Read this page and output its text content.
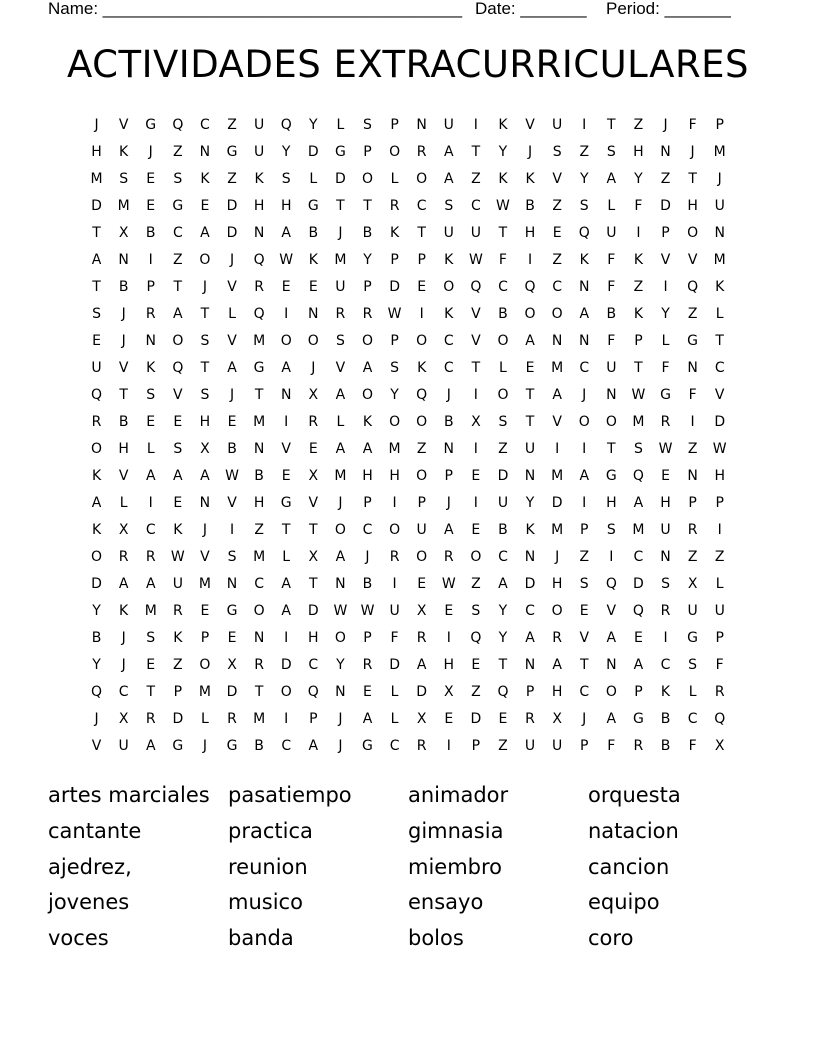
Name: ______________________________________

Date: _______

Period: _______

ACTIVIDADES EXTRACURRICULARES
J	V	G	Q	C	Z	U	Q	Y	L	S	P	N	U	I	K	V	U	I	T	Z	J	F	P
H	K	J	Z	N	G	U	Y	D	G	P	O	R	A	T	Y	J	S	Z	S	H	N	J	M
M	S	E	S	K	Z	K	S	L	D	O	L	O	A	Z	K	K	V	Y	A	Y	Z	T	J
D	M	E	G	E	D	H	H	G	T	T	R	C	S	C	W	B	Z	S	L	F	D	H	U
T	X	B	C	A	D	N	A	B	J	B	K	T	U	U	T	H	E	Q	U	I	P	O	N
A	N	I	Z	O	J	Q	W	K	M	Y	P	P	K	W	F	I	Z	K	F	K	V	V	M
T	B	P	T	J	V	R	E	E	U	P	D	E	O	Q	C	Q	C	N	F	Z	I	Q	K
S	J	R	A	T	L	Q	I	N	R	R	W	I	K	V	B	O	O	A	B	K	Y	Z	L
E	J	N	O	S	V	M	O	O	S	O	P	O	C	V	O	A	N	N	F	P	L	G	T
U	V	K	Q	T	A	G	A	J	V	A	S	K	C	T	L	E	M	C	U	T	F	N	C
Q	T	S	V	S	J	T	N	X	A	O	Y	Q	J	I	O	T	A	J	N	W	G	F	V
R	B	E	E	H	E	M	I	R	L	K	O	O	B	X	S	T	V	O	O	M	R	I	D
O	H	L	S	X	B	N	V	E	A	A	M	Z	N	I	Z	U	I	I	T	S	W	Z	W
K	V	A	A	A	W	B	E	X	M	H	H	O	P	E	D	N	M	A	G	Q	E	N	H
A	L	I	E	N	V	H	G	V	J	P	I	P	J	I	U	Y	D	I	H	A	H	P	P
K	X	C	K	J	I	Z	T	T	O	C	O	U	A	E	B	K	M	P	S	M	U	R	I
O	R	R	W	V	S	M	L	X	A	J	R	O	R	O	C	N	J	Z	I	C	N	Z	Z
D	A	A	U	M	N	C	A	T	N	B	I	E	W	Z	A	D	H	S	Q	D	S	X	L
Y	K	M	R	E	G	O	A	D	W W	U	X	E	S	Y	C	O	E	V	Q	R	U	U
B	J	S	K	P	E	N	I	H	O	P	F	R	I	Q	Y	A	R	V	A	E	I	G	P
Y	J	E	Z	O	X	R	D	C	Y	R	D	A	H	E	T	N	A	T	N	A	C	S	F
Q	C	T	P	M	D	T	O	Q	N	E	L	D	X	Z	Q	P	H	C	O	P	K	L	R
J	X	R	D	L	R	M	I	P	J	A	L	X	E	D	E	R	X	J	A	G	B	C	Q
V	U	A	G	J	G	B	C	A	J	G	C	R	I	P	Z	U	U	P	F	R	B	F	X
artes marciales
cantante
ajedrez,
jovenes
voces
pasatiempo
practica
reunion
musico
banda
animador
gimnasia
miembro
ensayo
bolos
orquesta
natacion
cancion
equipo
coro
